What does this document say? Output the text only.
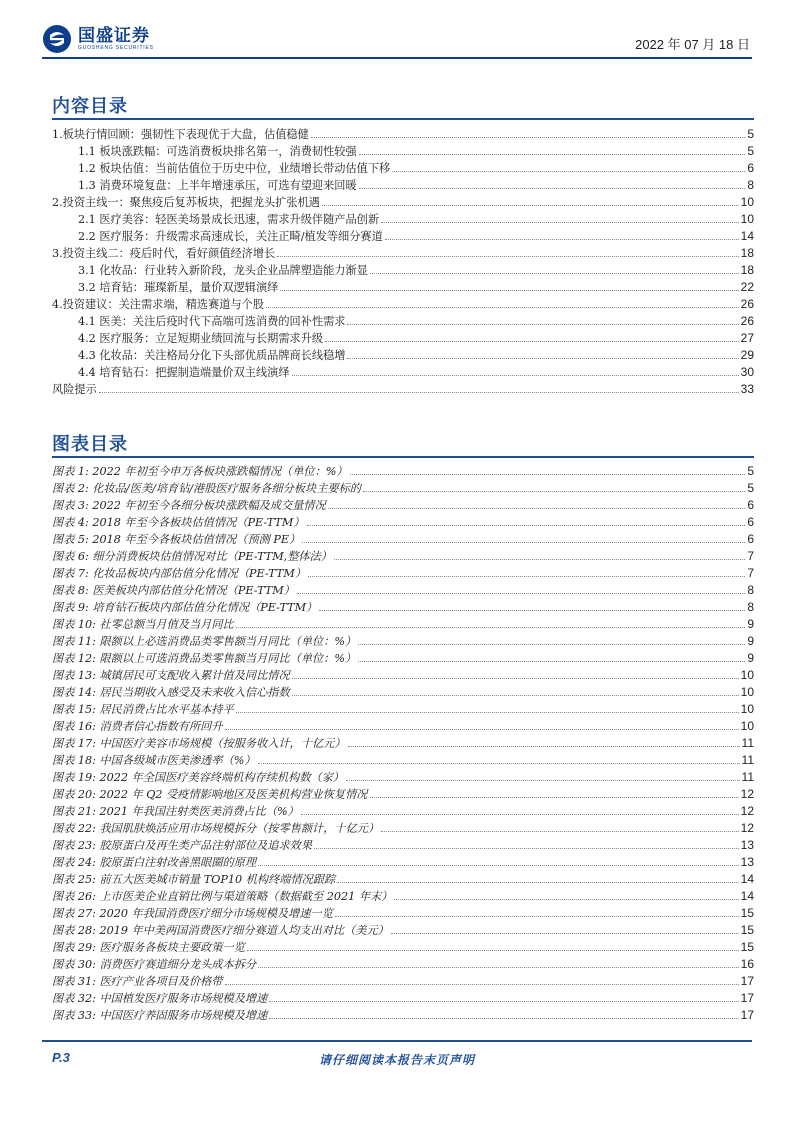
国盛证券
GUOSHENG SECURITIES	2022 年 07 月 18 日
内容目录
1.板块行情回顾：强韧性下表现优于大盘，估值稳健	5
1.1 板块涨跌幅：可选消费板块排名第一，消费韧性较强	5
1.2 板块估值：当前估值位于历史中位，业绩增长带动估值下移	6
1.3 消费环境复盘：上半年增速承压，可选有望迎来回暖	8
2.投资主线一：聚焦疫后复苏板块，把握龙头扩张机遇	10
2.1 医疗美容：轻医美场景成长迅速，需求升级伴随产品创新	10
2.2 医疗服务：升级需求高速成长，关注正畸/植发等细分赛道	14
3.投资主线二：疫后时代，看好颜值经济增长	18
3.1 化妆品：行业转入新阶段，龙头企业品牌塑造能力渐显	18
3.2 培育钻：璀璨新星，量价双逻辑演绎	22
4.投资建议：关注需求端，精选赛道与个股	26
4.1 医美：关注后疫时代下高端可选消费的回补性需求	26
4.2 医疗服务：立足短期业绩回流与长期需求升级	27
4.3 化妆品：关注格局分化下头部优质品牌商长线稳增	29
4.4 培育钻石：把握制造端量价双主线演绎	30
风险提示	33
图表目录
图表 1: 2022 年初至今申万各板块涨跌幅情况（单位：%）	5
图表 2: 化妆品/医美/培育钻/港股医疗服务各细分板块主要标的	5
图表 3: 2022 年初至今各细分板块涨跌幅及成交量情况	6
图表 4: 2018 年至今各板块估值情况（PE-TTM）	6
图表 5: 2018 年至今各板块估值情况（预测 PE）	6
图表 6: 细分消费板块估值情况对比（PE-TTM,整体法）	7
图表 7: 化妆品板块内部估值分化情况（PE-TTM）	7
图表 8: 医美板块内部估值分化情况（PE-TTM）	8
图表 9: 培育钻石板块内部估值分化情况（PE-TTM）	8
图表 10: 社零总额当月值及当月同比	9
图表 11: 限额以上必选消费品类零售额当月同比（单位：%）	9
图表 12: 限额以上可选消费品类零售额当月同比（单位：%）	9
图表 13: 城镇居民可支配收入累计值及同比情况	10
图表 14: 居民当期收入感受及未来收入信心指数	10
图表 15: 居民消费占比水平基本持平	10
图表 16: 消费者信心指数有所回升	10
图表 17: 中国医疗美容市场规模（按服务收入计，十亿元）	11
图表 18: 中国各级城市医美渗透率（%）	11
图表 19: 2022 年全国医疗美容终端机构存续机构数（家）	11
图表 20: 2022 年 Q2 受疫情影响地区及医美机构营业恢复情况	12
图表 21: 2021 年我国注射类医美消费占比（%）	12
图表 22: 我国肌肤焕活应用市场规模拆分（按零售额计，十亿元）	12
图表 23: 胶原蛋白及再生类产品注射部位及追求效果	13
图表 24: 胶原蛋白注射改善黑眼圈的原理	13
图表 25: 前五大医美城市销量 TOP10 机构终端情况跟踪	14
图表 26: 上市医美企业直销比例与渠道策略（数据截至 2021 年末）	14
图表 27: 2020 年我国消费医疗细分市场规模及增速一览	15
图表 28: 2019 年中美两国消费医疗细分赛道人均支出对比（美元）	15
图表 29: 医疗服务各板块主要政策一览	15
图表 30: 消费医疗赛道细分龙头成本拆分	16
图表 31: 医疗产业各项目及价格带	17
图表 32: 中国植发医疗服务市场规模及增速	17
图表 33: 中国医疗养固服务市场规模及增速	17
P.3	请仔细阅读本报告末页声明
